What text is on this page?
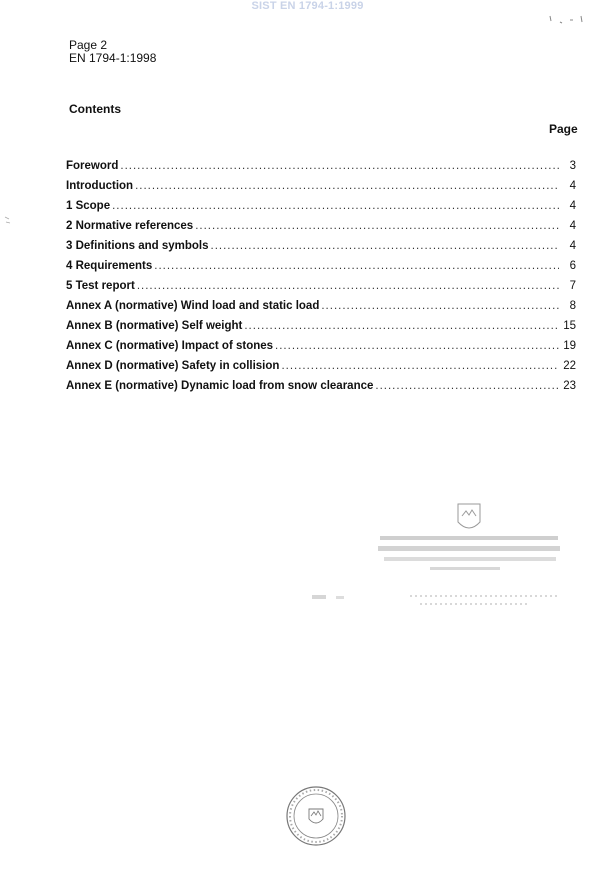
SIST EN 1794-1:1999
Page 2
EN 1794-1:1998
Contents
Page
Foreword .....	3
Introduction .....	4
1 Scope .....	4
2 Normative references .....	4
3 Definitions and symbols .....	4
4 Requirements .....	6
5 Test report .....	7
Annex A (normative) Wind load and static load .....	8
Annex B (normative) Self weight .....	15
Annex C (normative) Impact of stones .....	19
Annex D (normative) Safety in collision .....	22
Annex E (normative) Dynamic load from snow clearance .....	23
